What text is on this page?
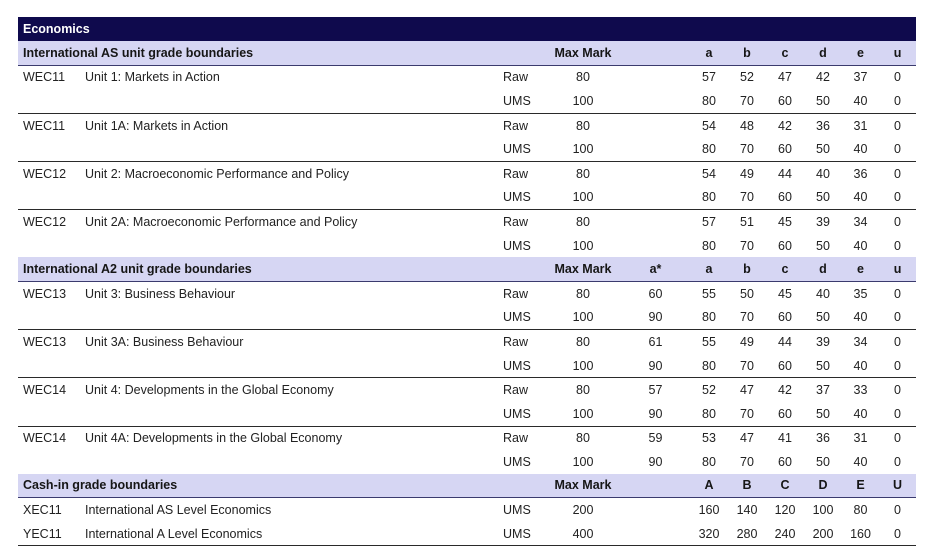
Economics										
International AS unit grade boundaries			Max Mark		a	b	c	d	e	u
WEC11	Unit 1: Markets in Action	Raw	80		57	52	47	42	37	0
		UMS	100		80	70	60	50	40	0
WEC11	Unit 1A: Markets in Action	Raw	80		54	48	42	36	31	0
		UMS	100		80	70	60	50	40	0
WEC12	Unit 2: Macroeconomic Performance and Policy	Raw	80		54	49	44	40	36	0
		UMS	100		80	70	60	50	40	0
WEC12	Unit 2A: Macroeconomic Performance and Policy	Raw	80		57	51	45	39	34	0
		UMS	100		80	70	60	50	40	0
International A2 unit grade boundaries			Max Mark	a*	a	b	c	d	e	u
WEC13	Unit 3: Business Behaviour	Raw	80	60	55	50	45	40	35	0
		UMS	100	90	80	70	60	50	40	0
WEC13	Unit 3A: Business Behaviour	Raw	80	61	55	49	44	39	34	0
		UMS	100	90	80	70	60	50	40	0
WEC14	Unit 4: Developments in the Global Economy	Raw	80	57	52	47	42	37	33	0
		UMS	100	90	80	70	60	50	40	0
WEC14	Unit 4A: Developments in the Global Economy	Raw	80	59	53	47	41	36	31	0
		UMS	100	90	80	70	60	50	40	0
Cash-in grade boundaries			Max Mark		A	B	C	D	E	U
XEC11	International AS Level Economics	UMS	200		160	140	120	100	80	0
YEC11	International A Level Economics	UMS	400		320	280	240	200	160	0
